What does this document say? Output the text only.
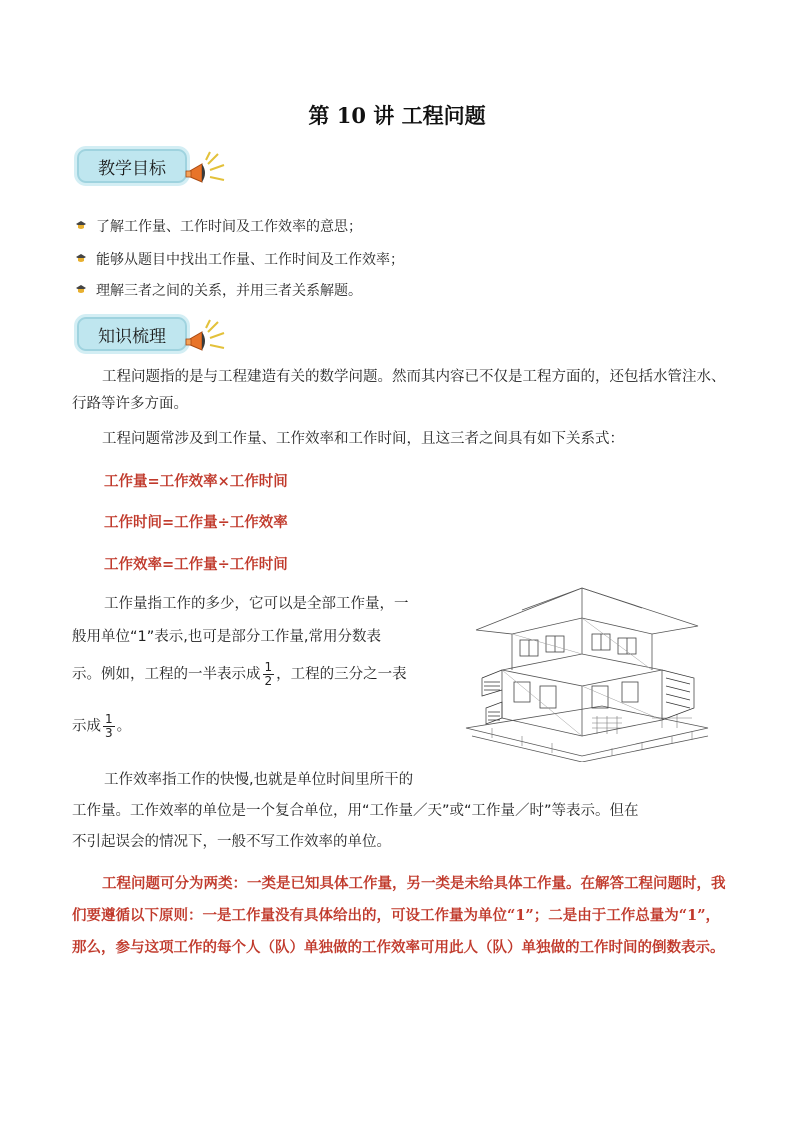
第 10 讲 工程问题
教学目标
了解工作量、工作时间及工作效率的意思；
能够从题目中找出工作量、工作时间及工作效率；
理解三者之间的关系，并用三者关系解题。
知识梳理
工程问题指的是与工程建造有关的数学问题。然而其内容已不仅是工程方面的，还包括水管注水、行路等许多方面。
工程问题常涉及到工作量、工作效率和工作时间，且这三者之间具有如下关系式：
工作量=工作效率×工作时间
工作时间=工作量÷工作效率
工作效率=工作量÷工作时间
工作量指工作的多少，它可以是全部工作量，一
般用单位“1”表示,也可是部分工作量,常用分数表
示。例如，工程的一半表示成 $\frac{1}{2}$ ，工程的三分之一表
示成 $\frac{1}{3}$ 。
工作效率指工作的快慢,也就是单位时间里所干的
工作量。工作效率的单位是一个复合单位，用“工作量／天”或“工作量／时”等表示。但在
不引起误会的情况下，一般不写工作效率的单位。
工程问题可分为两类：一类是已知具体工作量，另一类是未给具体工作量。在解答工程问题时，我们要遵循以下原则：一是工作量没有具体给出的，可设工作量为单位“1”；二是由于工作总量为“1”，那么，参与这项工作的每个人（队）单独做的工作效率可用此人（队）单独做的工作时间的倒数表示。
